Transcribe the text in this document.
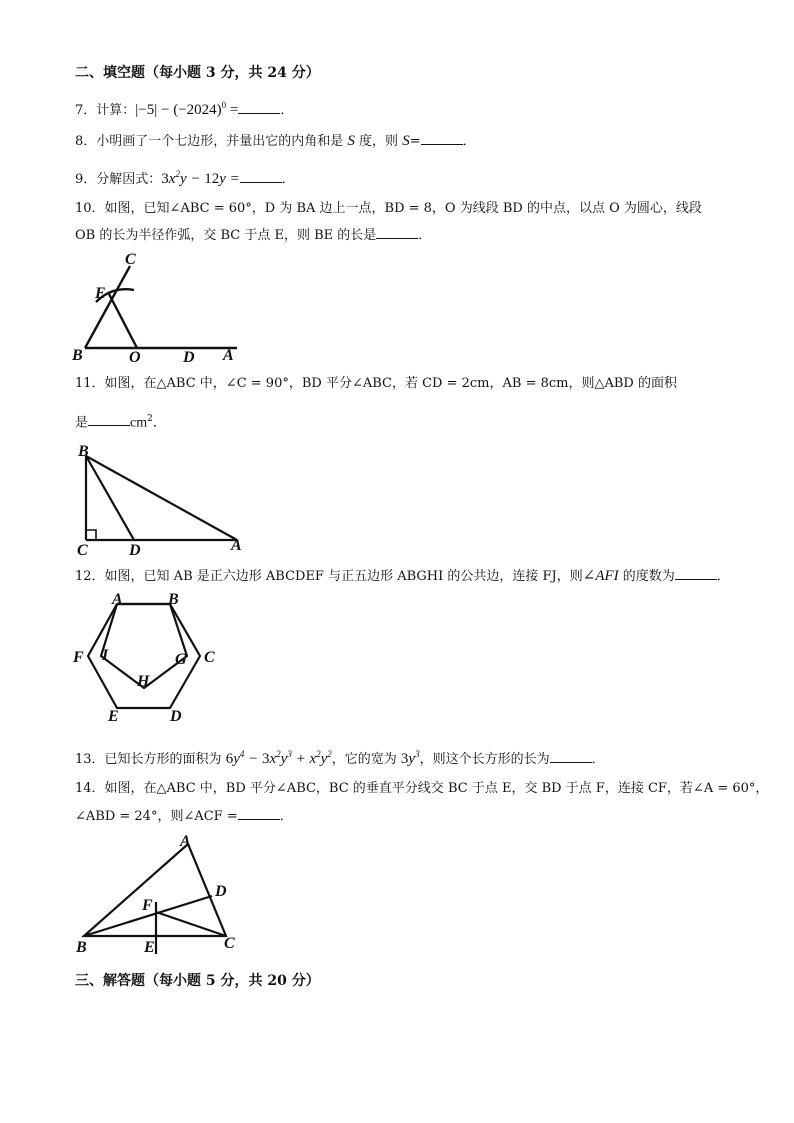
二、填空题（每小题 3 分，共 24 分）
7．计算：$|-5| - (-2024)^0$ =	．
8．小明画了一个七边形，并量出它的内角和是 S 度，则 S=	．
9．分解因式：$3x^2y - 12y$ =	．
10．如图，已知∠ABC = 60°，D 为 BA 边上一点，BD = 8，O 为线段 BD 的中点，以点 O 为圆心，线段
OB 的长为半径作弧，交 BC 于点 E，则 BE 的长是	．
C
E
B	O	D A
11．如图，在△ABC 中，∠C = 90°，BD 平分∠ABC，若 CD = 2cm，AB = 8cm，则△ABD 的面积
是	$cm^2$．
B
C	D	A
12．如图，已知 AB 是正六边形 ABCDEF 与正五边形 ABGHI 的公共边，连接 FJ，则∠AFI 的度数为	．
A	B
C
D
E
F	G
H
I
13．已知长方形的面积为 $6y^4 - 3x^2y^3 + x^2y^2$，它的宽为 $3y^3$，则这个长方形的长为	．
14．如图，在△ABC 中，BD 平分∠ABC，BC 的垂直平分线交 BC 于点 E，交 BD 于点 F，连接 CF，若∠A = 60°，
∠ABD = 24°，则∠ACF =	．
A
D
F
B	E	C
三、解答题（每小题 5 分，共 20 分）
